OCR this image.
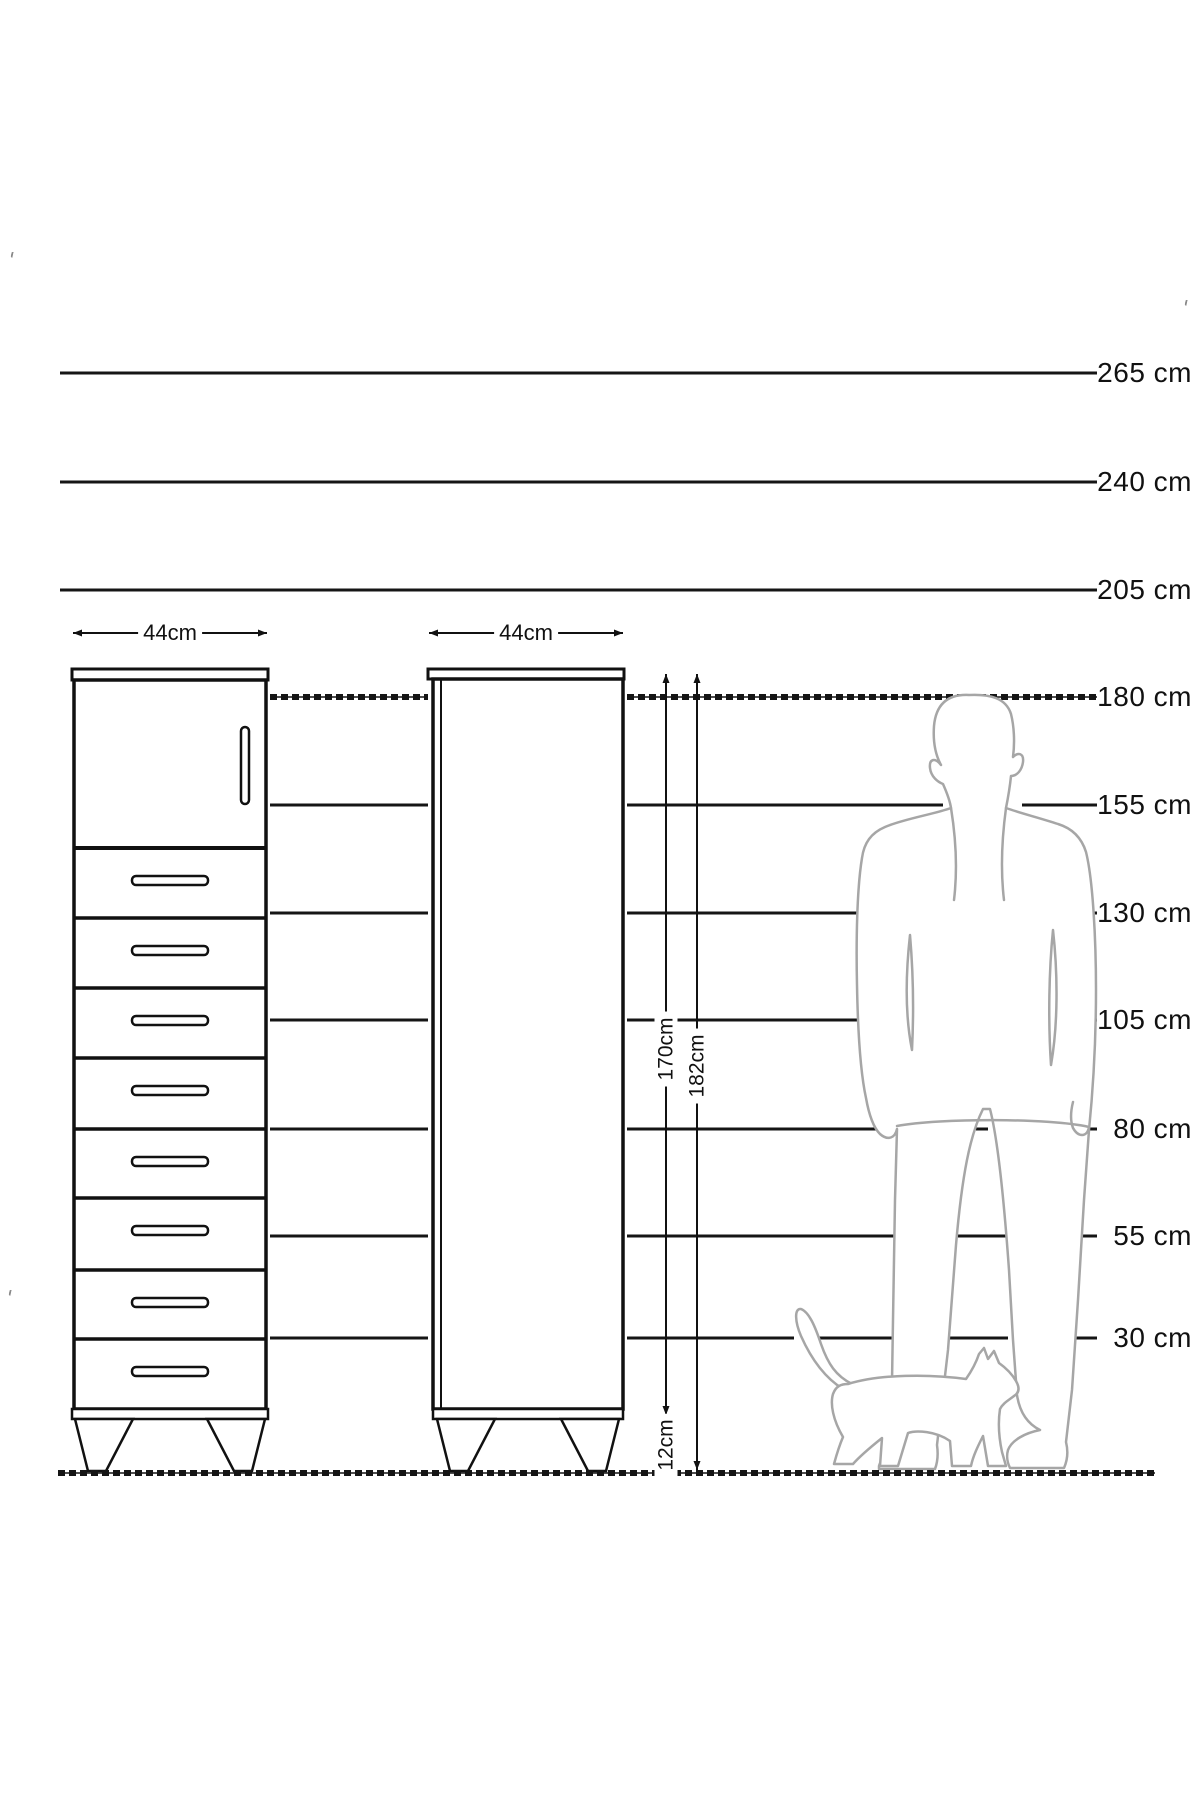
265 cm
240 cm
205 cm
180 cm
155 cm
130 cm
105 cm
80 cm
55 cm
30 cm
44cm	44cm
170cm 182cm
12cm
